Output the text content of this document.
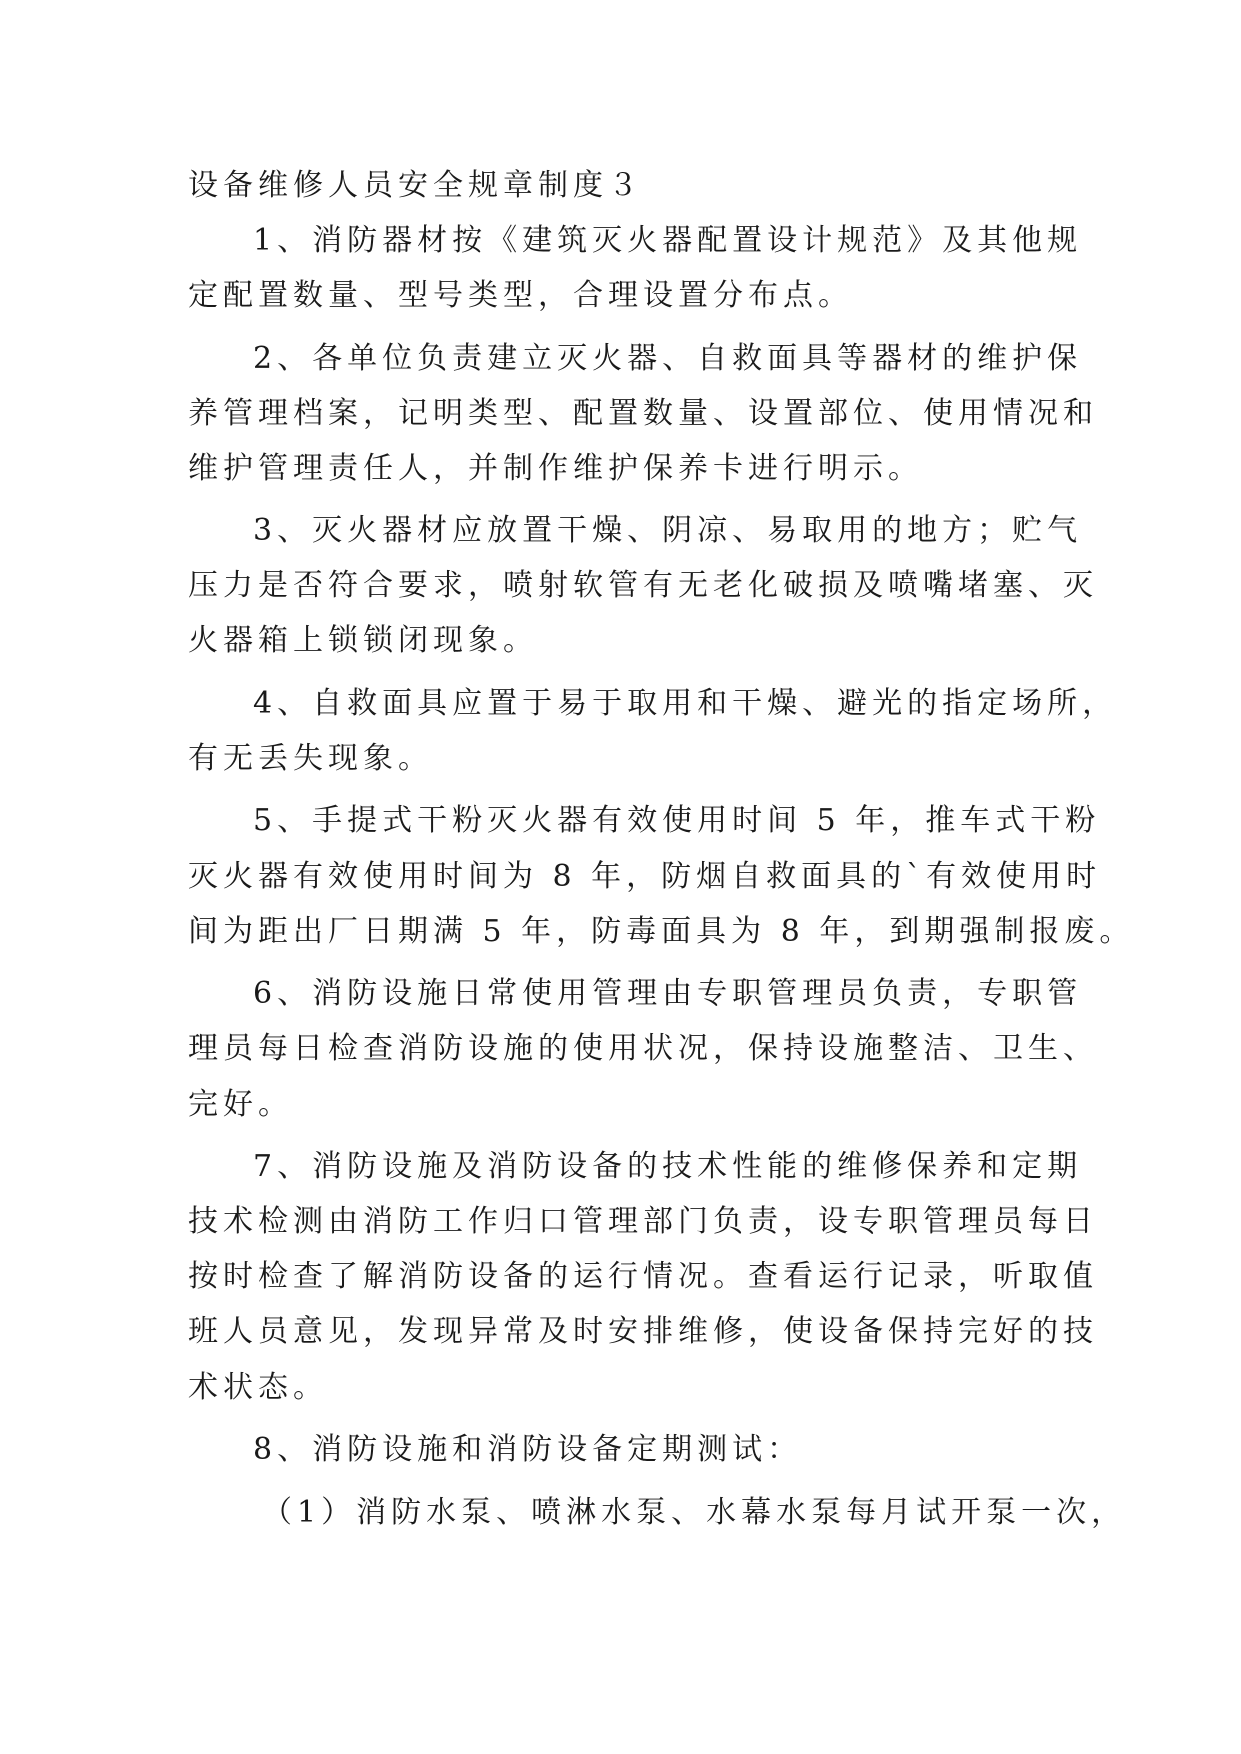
设备维修人员安全规章制度３

1、消防器材按《建筑灭火器配置设计规范》及其他规

定配置数量、型号类型，合理设置分布点。

2、各单位负责建立灭火器、自救面具等器材的维护保

养管理档案，记明类型、配置数量、设置部位、使用情况和

维护管理责任人，并制作维护保养卡进行明示。

3、灭火器材应放置干燥、阴凉、易取用的地方；贮气

压力是否符合要求，喷射软管有无老化破损及喷嘴堵塞、灭

火器箱上锁锁闭现象。

4、自救面具应置于易于取用和干燥、避光的指定场所，

有无丢失现象。

5、手提式干粉灭火器有效使用时间 5 年，推车式干粉

灭火器有效使用时间为 8 年，防烟自救面具的`有效使用时

间为距出厂日期满 5 年，防毒面具为 8 年，到期强制报废。

6、消防设施日常使用管理由专职管理员负责，专职管

理员每日检查消防设施的使用状况，保持设施整洁、卫生、

完好。

7、消防设施及消防设备的技术性能的维修保养和定期

技术检测由消防工作归口管理部门负责，设专职管理员每日

按时检查了解消防设备的运行情况。查看运行记录，听取值

班人员意见，发现异常及时安排维修，使设备保持完好的技

术状态。

8、消防设施和消防设备定期测试：

（1）消防水泵、喷淋水泵、水幕水泵每月试开泵一次，
